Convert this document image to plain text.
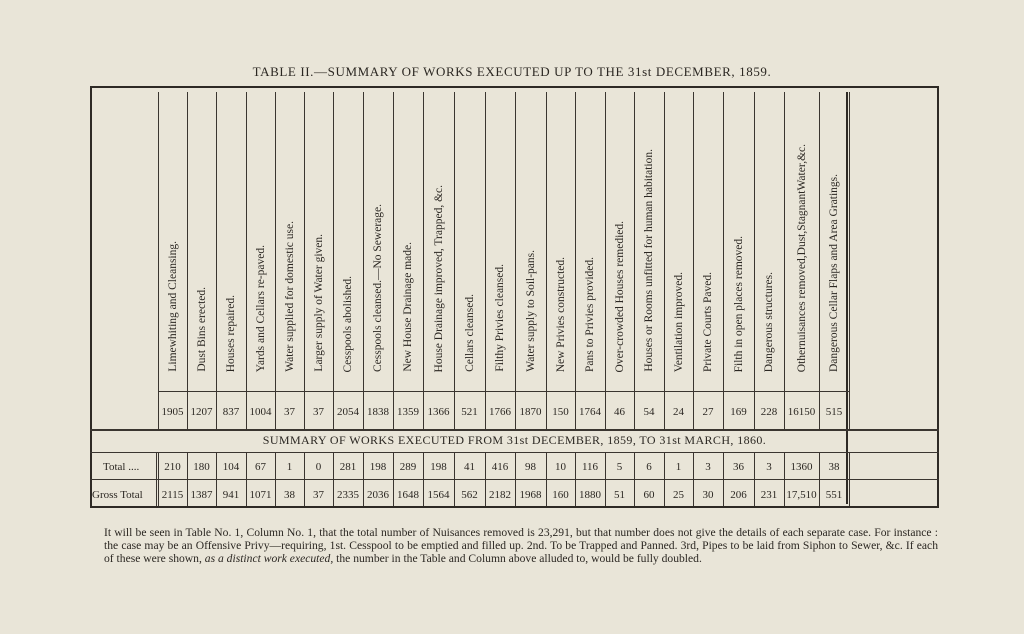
TABLE II.—SUMMARY OF WORKS EXECUTED UP TO THE 31st DECEMBER, 1859.
Limewhiting and Cleansing.
1905
210
2115
Dust Bins erected.
1207
180
1387
Houses repaired.
837
104
941
Yards and Cellars re-paved.
1004
67
1071
Water supplied for domestic use.
37
1
38
Larger supply of Water given.
37
0
37
Cesspools abolished.
2054
281
2335
Cesspools cleansed.—No Sewerage.
1838
198
2036
New House Drainage made.
1359
289
1648
House Drainage improved, Trapped, &c.
1366
198
1564
Cellars cleansed.
521
41
562
Filthy Privies cleansed.
1766
416
2182
Water supply to Soil-pans.
1870
98
1968
New Privies constructed.
150
10
160
Pans to Privies provided.
1764
116
1880
Over-crowded Houses remedied.
46
5
51
Houses or Rooms unfitted for human habitation.
54
6
60
Ventilation improved.
24
1
25
Private Courts Paved.
27
3
30
Filth in open places removed.
169
36
206
Dangerous structures.
228
3
231
Othernuisances removed,Dust,StagnantWater,&c.
16150
1360
17,510
Dangerous Cellar Flaps and Area Gratings.
515
38
551
SUMMARY OF WORKS EXECUTED FROM 31st DECEMBER, 1859, TO 31st MARCH, 1860.
Total ....
Gross Total

It will be seen in Table No. 1, Column No. 1, that the total number of Nuisances removed is 23,291, but that number does not give the details of each separate case. For instance : the case may be an Offensive Privy—requiring, 1st. Cesspool to be emptied and filled up. 2nd. To be Trapped and Panned. 3rd, Pipes to be laid from Siphon to Sewer, &c. If each of these were shown, as a distinct work executed, the number in the Table and Column above alluded to, would be fully doubled.
